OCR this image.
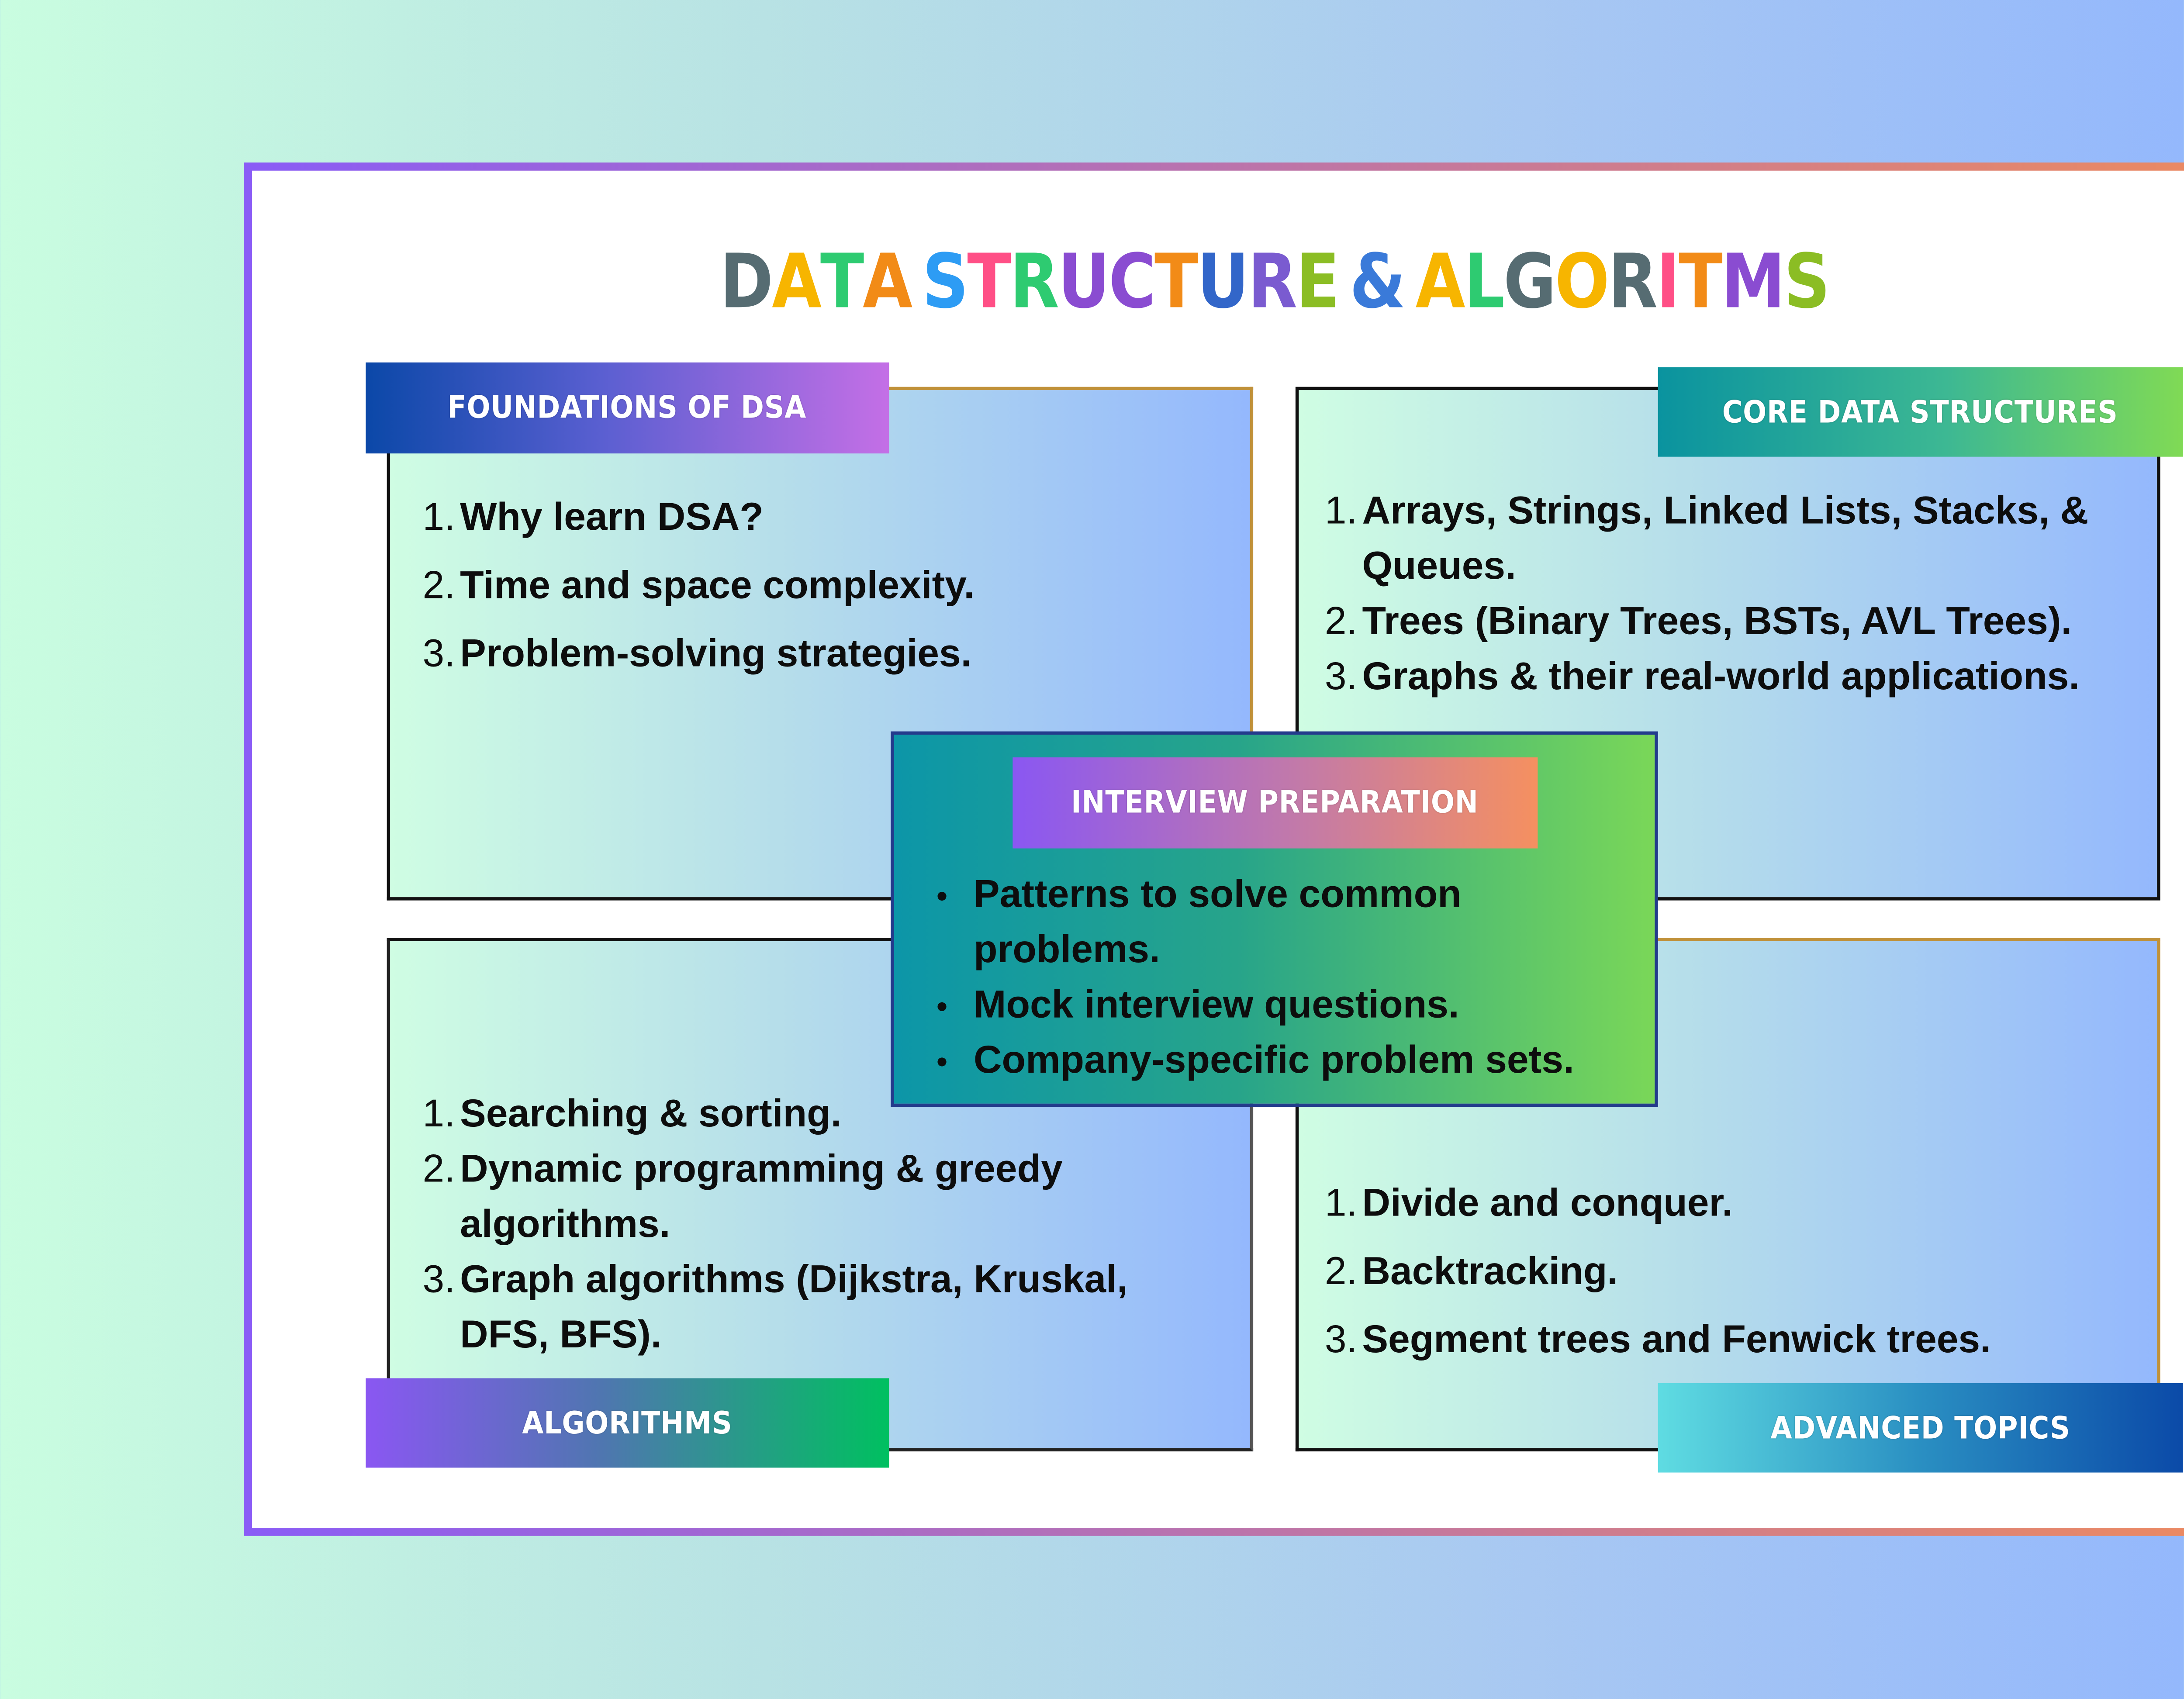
DATA STRUCTURE & ALGORITMS
1. Why learn DSA?
2. Time and space complexity.
3. Problem-solving strategies.
FOUNDATIONS OF DSA
1. Arrays, Strings, Linked Lists, Stacks, & Queues.
2. Trees (Binary Trees, BSTs, AVL Trees).
3. Graphs & their real-world applications.
CORE DATA STRUCTURES
1. Searching & sorting.
2. Dynamic programming & greedy algorithms.
3. Graph algorithms (Dijkstra, Kruskal, DFS, BFS).
ALGORITHMS
1. Divide and conquer.
2. Backtracking.
3. Segment trees and Fenwick trees.
ADVANCED TOPICS
INTERVIEW PREPARATION
• Patterns to solve common problems.
• Mock interview questions.
• Company-specific problem sets.
